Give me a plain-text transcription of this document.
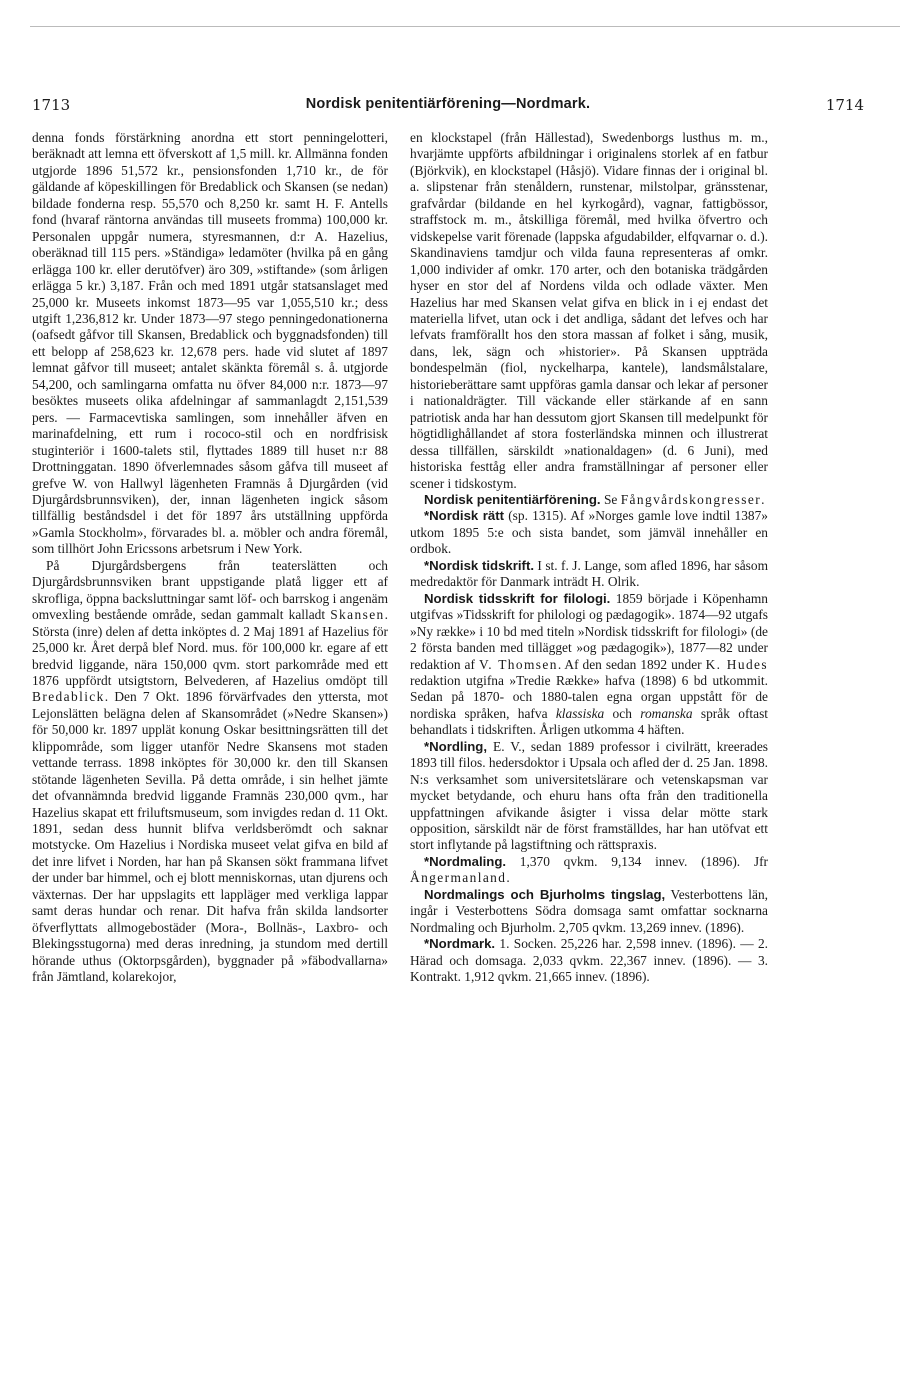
1713	Nordisk penitentiärförening—Nordmark.	1714

denna fonds förstärkning anordna ett stort penningelotteri, beräknadt att lemna ett öfverskott af 1,5 mill. kr. Allmänna fonden utgjorde 1896 51,572 kr., pensionsfonden 1,710 kr., de för gäldande af köpeskillingen för Bredablick och Skansen (se nedan) bildade fonderna resp. 55,570 och 8,250 kr. samt H. F. Antells fond (hvaraf räntorna användas till museets fromma) 100,000 kr. Personalen uppgår numera, styresmannen, d:r A. Hazelius, oberäknad till 115 pers. »Ständiga» ledamöter (hvilka på en gång erlägga 100 kr. eller derutöfver) äro 309, »stiftande» (som årligen erlägga 5 kr.) 3,187. Från och med 1891 utgår statsanslaget med 25,000 kr. Museets inkomst 1873—95 var 1,055,510 kr.; dess utgift 1,236,812 kr. Under 1873—97 stego penningedonationerna (oafsedt gåfvor till Skansen, Bredablick och byggnadsfonden) till ett belopp af 258,623 kr. 12,678 pers. hade vid slutet af 1897 lemnat gåfvor till museet; antalet skänkta föremål s. å. utgjorde 54,200, och samlingarna omfatta nu öfver 84,000 n:r. 1873—97 besöktes museets olika afdelningar af sammanlagdt 2,151,539 pers. — Farmacevtiska samlingen, som innehåller äfven en marinafdelning, ett rum i rococo-stil och en nordfrisisk stuginteriör i 1600-talets stil, flyttades 1889 till huset n:r 88 Drottninggatan. 1890 öfverlemnades såsom gåfva till museet af grefve W. von Hallwyl lägenheten Framnäs å Djurgården (vid Djurgårdsbrunnsviken), der, innan lägenheten ingick såsom tillfällig beståndsdel i det för 1897 års utställning uppförda »Gamla Stockholm», förvarades bl. a. möbler och andra föremål, som tillhört John Ericssons arbetsrum i New York.

På Djurgårdsbergens från teaterslätten och Djurgårdsbrunnsviken brant uppstigande platå ligger ett af skrofliga, öppna backsluttningar samt löf- och barrskog i angenäm omvexling bestående område, sedan gammalt kalladt Skansen. Största (inre) delen af detta inköptes d. 2 Maj 1891 af Hazelius för 25,000 kr. Året derpå blef Nord. mus. för 100,000 kr. egare af ett bredvid liggande, nära 150,000 qvm. stort parkområde med ett 1876 uppfördt utsigtstorn, Belvederen, af Hazelius omdöpt till Bredablick. Den 7 Okt. 1896 förvärfvades den yttersta, mot Lejonslätten belägna delen af Skansområdet (»Nedre Skansen») för 50,000 kr. 1897 upplät konung Oskar besittningsrätten till det klippområde, som ligger utanför Nedre Skansens mot staden vettande terrass. 1898 inköptes för 30,000 kr. den till Skansen stötande lägenheten Sevilla. På detta område, i sin helhet jämte det ofvannämnda bredvid liggande Framnäs 230,000 qvm., har Hazelius skapat ett friluftsmuseum, som invigdes redan d. 11 Okt. 1891, sedan dess hunnit blifva verldsberömdt och saknar motstycke. Om Hazelius i Nordiska museet velat gifva en bild af det inre lifvet i Norden, har han på Skansen sökt frammana lifvet der under bar himmel, och ej blott menniskornas, utan djurens och växternas. Der har uppslagits ett lappläger med verkliga lappar samt deras hundar och renar. Dit hafva från skilda landsorter öfverflyttats allmogebostäder (Mora-, Bollnäs-, Laxbro- och Blekingsstugorna) med deras inredning, ja stundom med dertill hörande uthus (Oktorpsgården), byggnader på »fäbodvallarna» från Jämtland, kolarekojor,

en klockstapel (från Hällestad), Swedenborgs lusthus m. m., hvarjämte uppförts afbildningar i originalens storlek af en fatbur (Björkvik), en klockstapel (Håsjö). Vidare finnas der i original bl. a. slipstenar från stenåldern, runstenar, milstolpar, gränsstenar, grafvårdar (bildande en hel kyrkogård), vagnar, fattigbössor, straffstock m. m., åtskilliga föremål, med hvilka öfvertro och vidskepelse varit förenade (lappska afgudabilder, elfqvarnar o. d.). Skandinaviens tamdjur och vilda fauna representeras af omkr. 1,000 individer af omkr. 170 arter, och den botaniska trädgården hyser en stor del af Nordens vilda och odlade växter. Men Hazelius har med Skansen velat gifva en blick in i ej endast det materiella lifvet, utan ock i det andliga, sådant det lefves och har lefvats framförallt hos den stora massan af folket i sång, musik, dans, lek, sägn och »historier». På Skansen uppträda bondespelmän (fiol, nyckelharpa, kantele), landsmålstalare, historieberättare samt uppföras gamla dansar och lekar af personer i nationaldrägter. Till väckande eller stärkande af en sann patriotisk anda har han dessutom gjort Skansen till medelpunkt för högtidlighållandet af stora fosterländska minnen och illustrerat dessa tillfällen, särskildt »nationaldagen» (d. 6 Juni), med historiska festtåg eller andra framställningar af personer eller scener i tidskostym.

Nordisk penitentiärförening. Se Fångvårdskongresser.

*Nordisk rätt (sp. 1315). Af »Norges gamle love indtil 1387» utkom 1895 5:e och sista bandet, som jämväl innehåller en ordbok.

*Nordisk tidskrift. I st. f. J. Lange, som afled 1896, har såsom medredaktör för Danmark inträdt H. Olrik.

Nordisk tidsskrift for filologi. 1859 började i Köpenhamn utgifvas »Tidsskrift for philologi og pædagogik». 1874—92 utgafs »Ny række» i 10 bd med titeln »Nordisk tidsskrift for filologi» (de 2 första banden med tillägget »og pædagogik»), 1877—82 under redaktion af V. Thomsen. Af den sedan 1892 under K. Hudes redaktion utgifna »Tredie Række» hafva (1898) 6 bd utkommit. Sedan på 1870- och 1880-talen egna organ uppstått för de nordiska språken, hafva klassiska och romanska språk oftast behandlats i tidskriften. Årligen utkomma 4 häften.

*Nordling, E. V., sedan 1889 professor i civilrätt, kreerades 1893 till filos. hedersdoktor i Upsala och afled der d. 25 Jan. 1898. N:s verksamhet som universitetslärare och vetenskapsman var mycket betydande, och ehuru hans ofta från den traditionella uppfattningen afvikande åsigter i vissa delar mötte stark opposition, särskildt när de först framställdes, har han utöfvat ett stort inflytande på lagstiftning och rättspraxis.

*Nordmaling. 1,370 qvkm. 9,134 innev. (1896). Jfr Ångermanland.

Nordmalings och Bjurholms tingslag, Vesterbottens län, ingår i Vesterbottens Södra domsaga samt omfattar socknarna Nordmaling och Bjurholm. 2,705 qvkm. 13,269 innev. (1896).

*Nordmark. 1. Socken. 25,226 har. 2,598 innev. (1896). — 2. Härad och domsaga. 2,033 qvkm. 22,367 innev. (1896). — 3. Kontrakt. 1,912 qvkm. 21,665 innev. (1896).
